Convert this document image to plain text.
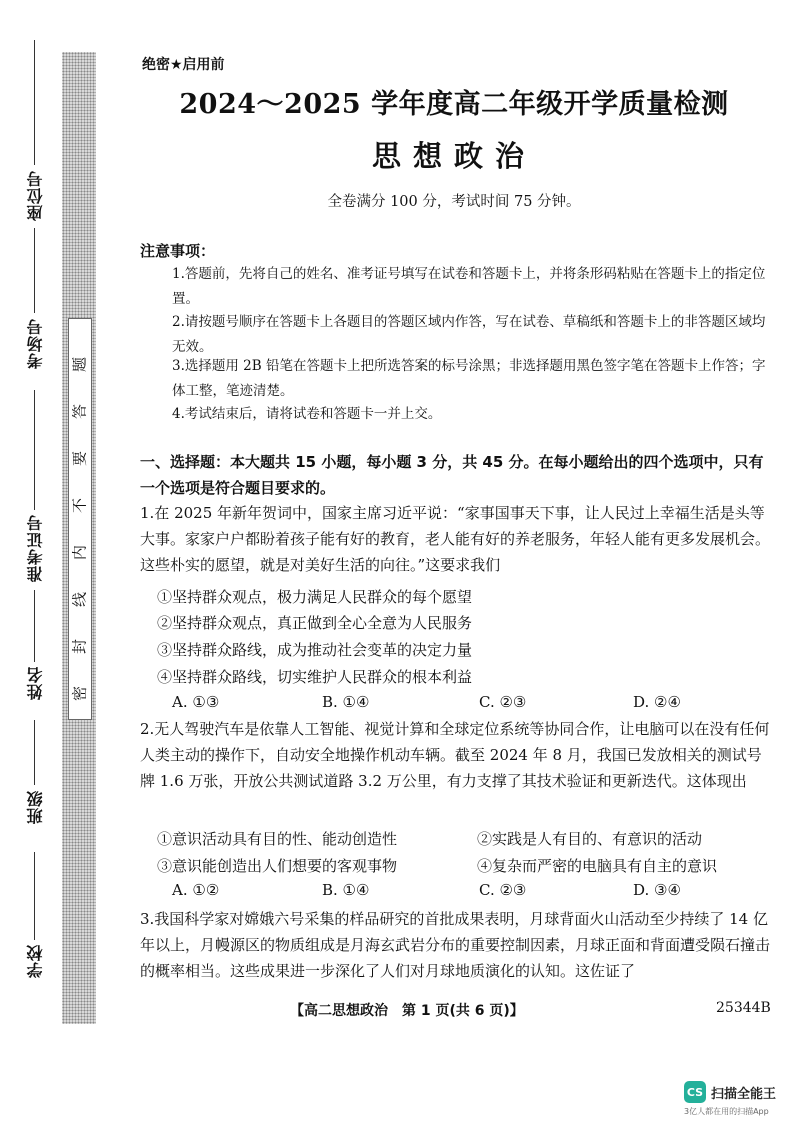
座位号
考场号
准考证号
姓名
班级
学校
密
封
线
内
不
要
答
题
绝密★启用前
2024～2025 学年度高二年级开学质量检测
思想政治
全卷满分 100 分，考试时间 75 分钟。
注意事项：
1.答题前，先将自己的姓名、准考证号填写在试卷和答题卡上，并将条形码粘贴在答题卡上的指定位置。
2.请按题号顺序在答题卡上各题目的答题区域内作答，写在试卷、草稿纸和答题卡上的非答题区域均无效。
3.选择题用 2B 铅笔在答题卡上把所选答案的标号涂黑；非选择题用黑色签字笔在答题卡上作答；字体工整，笔迹清楚。
4.考试结束后，请将试卷和答题卡一并上交。
一、选择题：本大题共 15 小题，每小题 3 分，共 45 分。在每小题给出的四个选项中，只有一个选项是符合题目要求的。
1.在 2025 年新年贺词中，国家主席习近平说：“家事国事天下事，让人民过上幸福生活是头等大事。家家户户都盼着孩子能有好的教育，老人能有好的养老服务，年轻人能有更多发展机会。这些朴实的愿望，就是对美好生活的向往。”这要求我们
①坚持群众观点，极力满足人民群众的每个愿望
②坚持群众观点，真正做到全心全意为人民服务
③坚持群众路线，成为推动社会变革的决定力量
④坚持群众路线，切实维护人民群众的根本利益
A. ①③	B. ①④	C. ②③	D. ②④
2.无人驾驶汽车是依靠人工智能、视觉计算和全球定位系统等协同合作，让电脑可以在没有任何人类主动的操作下，自动安全地操作机动车辆。截至 2024 年 8 月，我国已发放相关的测试号牌 1.6 万张，开放公共测试道路 3.2 万公里，有力支撑了其技术验证和更新迭代。这体现出
①意识活动具有目的性、能动创造性	②实践是人有目的、有意识的活动
③意识能创造出人们想要的客观事物	④复杂而严密的电脑具有自主的意识
A. ①②	B. ①④	C. ②③	D. ③④
3.我国科学家对嫦娥六号采集的样品研究的首批成果表明，月球背面火山活动至少持续了 14 亿年以上，月幔源区的物质组成是月海玄武岩分布的重要控制因素，月球正面和背面遭受陨石撞击的概率相当。这些成果进一步深化了人们对月球地质演化的认知。这佐证了
【高二思想政治　第 1 页(共 6 页)】	25344B
CS 扫描全能王
3亿人都在用的扫描App
